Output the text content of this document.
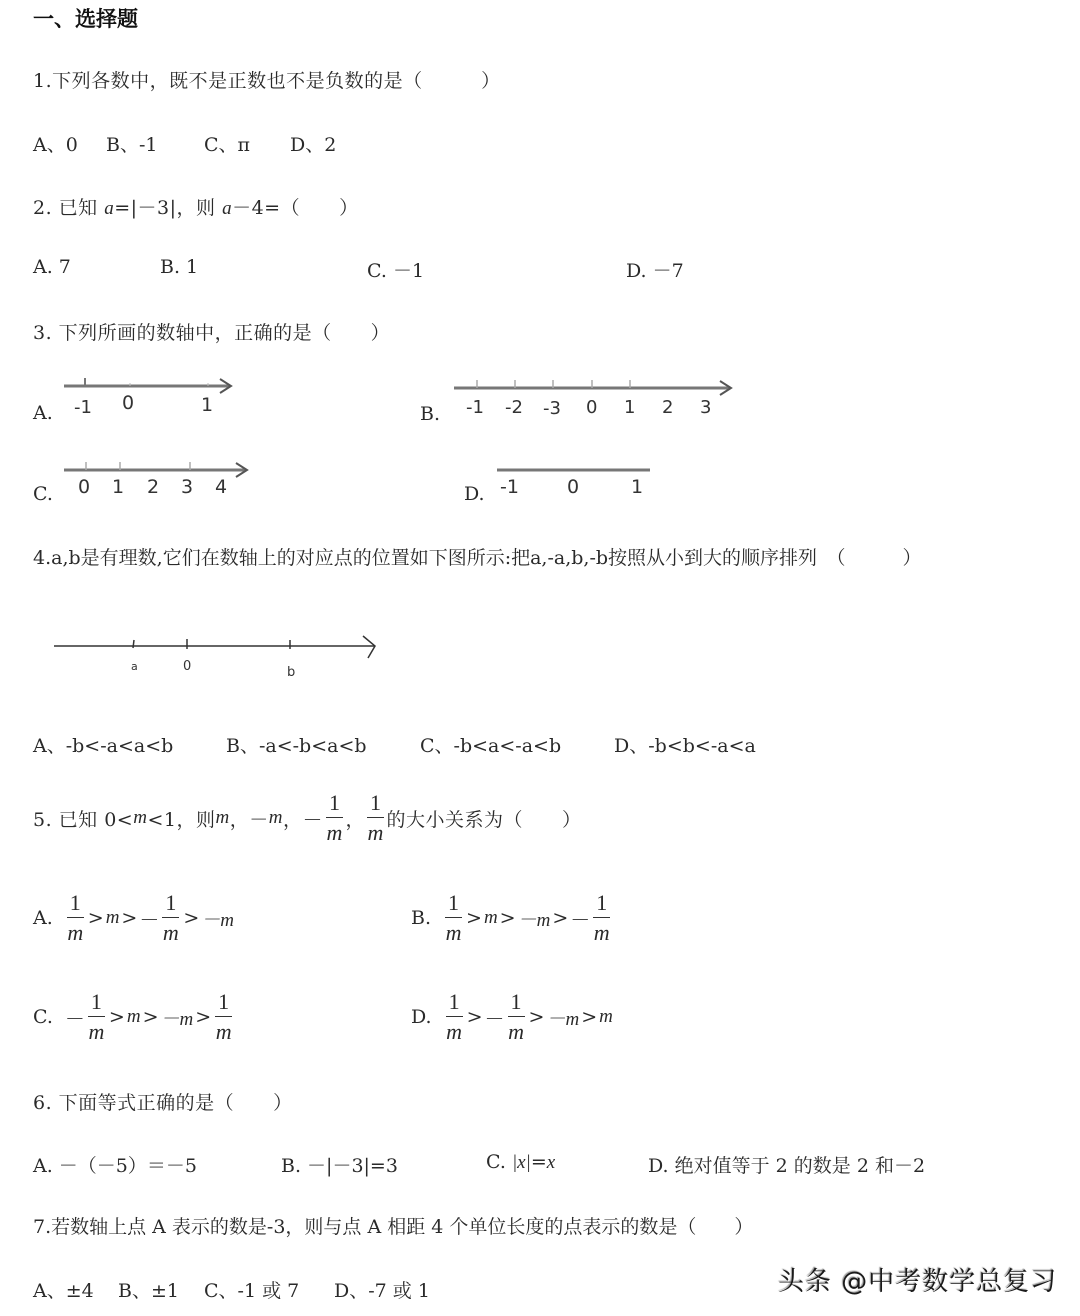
一、选择题
1.下列各数中，既不是正数也不是负数的是（　　　）
A、0 B、-1 C、π D、2
2. 已知 a=|－3|，则 a－4=（　　）
A. 7	B. 1	C. －1	D. －7
3. 下列所画的数轴中，正确的是（　　）
A. -1 0	1	B. -1 -2 -3 0 1 2 3
C. 0 1 2 3 4	D. -1	0	1
4.a,b是有理数,它们在数轴上的对应点的位置如下图所示:把a,-a,b,-b按照从小到大的顺序排列　（　　　）
a	0	b
A、-b<-a<a<b	B、-a<-b<a<b	C、-b<a<-a<b	D、-b<b<-a<a
5. 已知 0< m <1，则 m ，－ m ， － $\frac{1}{m}$ ， $\frac{1}{m}$ 的大小关系为（　　）
A. $\frac{1}{m} > m$ > － $\frac{1}{m} > -m$	B. $\frac{1}{m} > m > -m$ > － $\frac{1}{m}$
C. － $\frac{1}{m} > m > -m > \frac{1}{m}$	D. $\frac{1}{m}$ > － $\frac{1}{m} > -m > m$
6. 下面等式正确的是（　　）
A. －（－5）＝－5	B. －|－3|=3	C. |x|=x	D. 绝对值等于 2 的数是 2 和－2
7.若数轴上点 A 表示的数是-3，则与点 A 相距 4 个单位长度的点表示的数是（　　）
A、±4 B、±1 C、-1 或 7 D、-7 或 1	头条 @中考数学总复习
